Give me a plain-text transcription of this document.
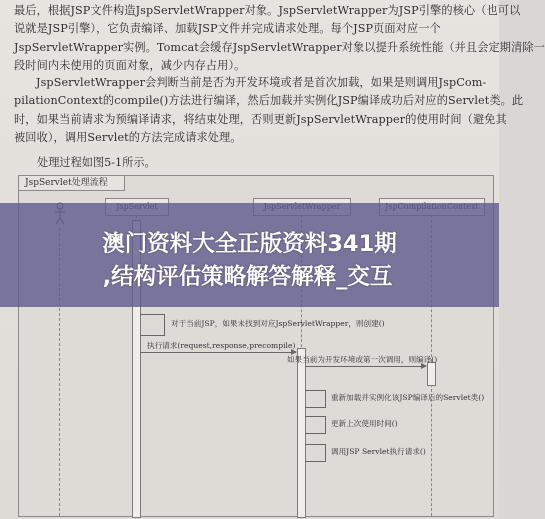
最后，根据JSP文件构造JspServletWrapper对象。JspServletWrapper为JSP引擎的核心（也可以
说就是JSP引擎），它负责编译、加载JSP文件并完成请求处理。每个JSP页面对应一个
JspServletWrapper实例。Tomcat会缓存JspServletWrapper对象以提升系统性能（并且会定期清除一
段时间内未使用的页面对象，减少内存占用）。
JspServletWrapper会判断当前是否为开发环境或者是首次加载，如果是则调用JspCom-
pilationContext的compile()方法进行编译，然后加载并实例化JSP编译成功后对应的Servlet类。此
时，如果当前请求为预编译请求，将结束处理，否则更新JspServletWrapper的使用时间（避免其
被回收），调用Servlet的方法完成请求处理。
处理过程如图5-1所示。
JspServlet处理流程
对于当前JSP，如果未找到对应JspServletWrapper，则创建()
执行请求(request,response,precompile)
如果当前为开发环境或第一次调用，则编译()
重新加载并实例化该JSP编译后的Servlet类()
更新上次使用时间()
调用JSP Servlet执行请求()
澳门资料大全正版资料341期
,结构评估策略解答解释_交互
